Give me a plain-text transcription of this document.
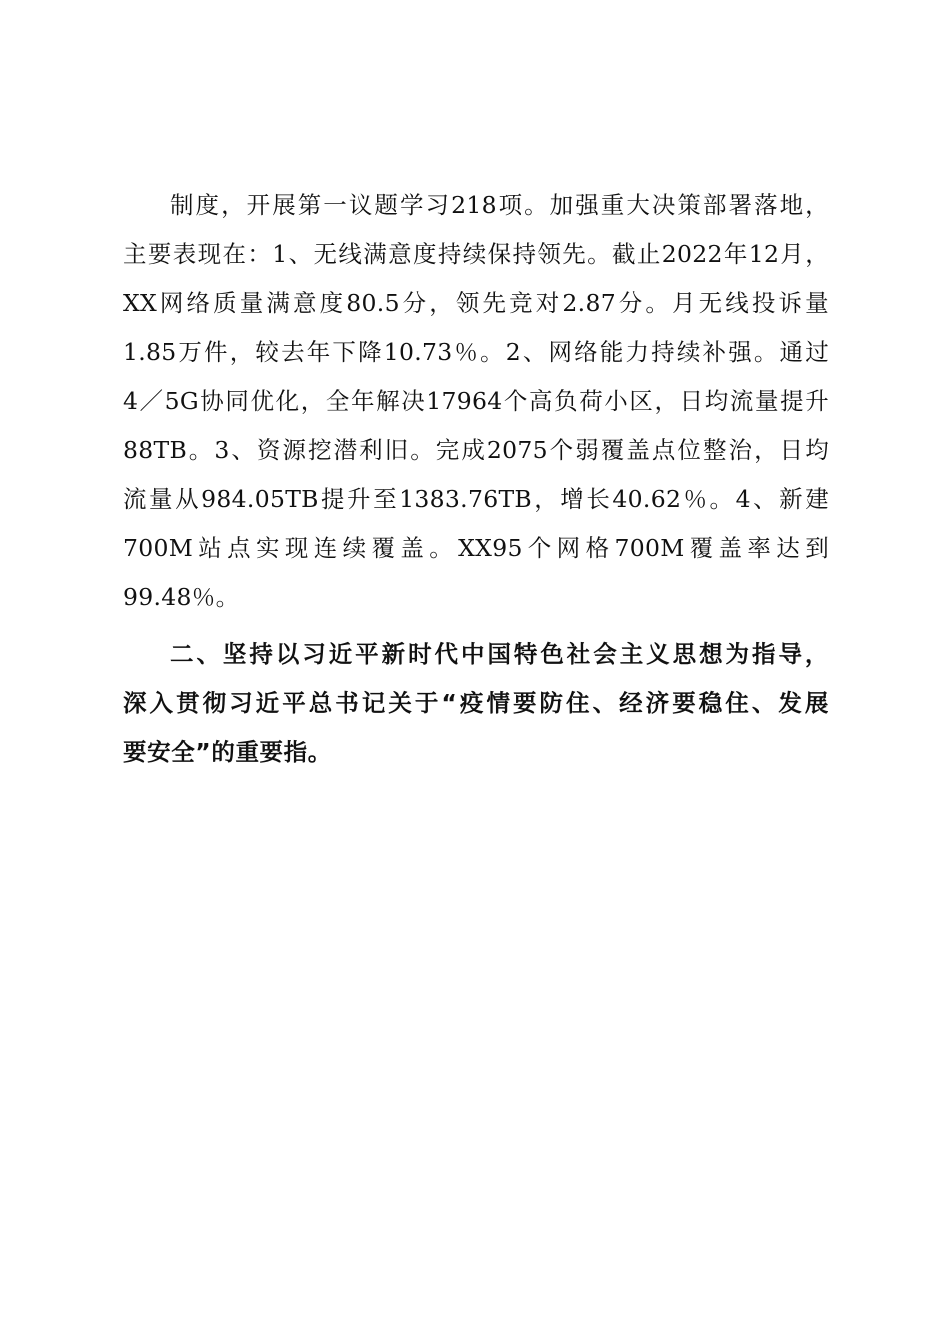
制度，开展第一议题学习218项。加强重大决策部署落地，
主要表现在：1、无线满意度持续保持领先。截止2022年12月，
XX网络质量满意度80.5分，领先竞对2.87分。月无线投诉量
1.85万件，较去年下降10.73％。2、网络能力持续补强。通过
4／5G协同优化，全年解决17964个高负荷小区，日均流量提升
88TB。3、资源挖潜利旧。完成2075个弱覆盖点位整治，日均
流量从984.05TB提升至1383.76TB，增长40.62％。4、新建
700M站点实现连续覆盖。XX95个网格700M覆盖率达到
99.48％。
二、坚持以习近平新时代中国特色社会主义思想为指导，
深入贯彻习近平总书记关于“疫情要防住、经济要稳住、发展
要安全”的重要指。
